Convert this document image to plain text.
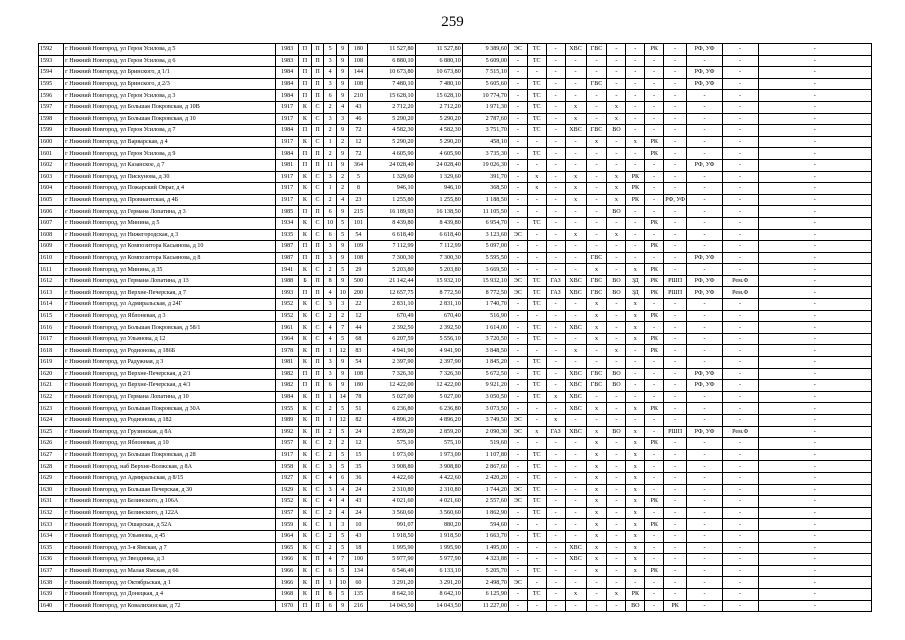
259
1592	г Нижний Новгород, ул Героя Усилова, д 5	1983	П	П	5	9	180	11 527,80	11 527,80	9 389,60	ЭС	ТС	-	ХВС	ГВС	-	-	РК	-	РФ, УФ	-	-
1593	г Нижний Новгород, ул Героя Усилова, д 6	1983	П	П	3	9	108	6 880,10	6 880,10	5 609,00	-	ТС	-	-	-	-	-	-	-	-	-	-
1594	г Нижний Новгород, ул Бринского, д 1/1	1984	П	П	4	9	144	10 673,80	10 673,80	7 515,10	-	-	-	-	-	-	-	-	-	РФ, УФ	-	-
1595	г Нижний Новгород, ул Бринского, д 2/3	1984	П	П	3	9	108	7 480,10	7 480,10	5 605,60	-	ТС	-	-	ГВС	-	-	-	-	РФ, УФ	-	-
1596	г Нижний Новгород, ул Героя Усилова, д 3	1984	П	П	6	9	210	15 628,10	15 628,10	10 774,70	-	ТС	-	-	-	-	-	-	-	-	-	-
1597	г Нижний Новгород, ул Большая Покровская, д 10В	1917	К	С	2	4	43	2 712,20	2 712,20	1 971,30	-	ТС	-	x	-	x	-	-	-	-	-	-
1598	г Нижний Новгород, ул Большая Покровская, д 10	1917	К	С	3	3	46	5 290,20	5 290,20	2 787,60	-	ТС	-	x	-	x	-	-	-	-	-	-
1599	г Нижний Новгород, ул Героя Усилова, д 7	1984	П	П	2	9	72	4 582,30	4 582,30	3 751,70	-	ТС	-	ХВС	ГВС	ВО	-	-	-	-	-	-
1600	г Нижний Новгород, ул Варварская, д 4	1917	К	С	1	2	12	5 290,20	5 290,20	458,10	-	-	-	-	x	-	x	РК	-	-	-	-
1601	г Нижний Новгород, ул Героя Усилова, д 9	1984	П	П	2	9	72	4 605,90	4 605,90	3 735,30	-	ТС	-	-	-	-	-	РК	-	-	-	-
1602	г Нижний Новгород, ул Казанское, д 7	1981	П	П	11	9	364	24 028,40	24 028,40	19 026,30	-	-	-	-	-	-	-	-	-	РФ, УФ	-	-
1603	г Нижний Новгород, ул Пискунова, д 30	1917	К	С	3	2	5	1 329,60	1 329,60	391,70	-	x	-	x	-	x	РК	-	-	-	-	-
1604	г Нижний Новгород, ул Пожарский Овраг, д 4	1917	К	С	1	2	8	946,10	946,10	368,50	-	x	-	x	-	x	РК	-	-	-	-	-
1605	г Нижний Новгород, ул Провиантская, д 4Б	1917	К	С	2	4	23	1 255,80	1 255,80	1 188,50	-	-	-	x	-	x	РК	-	РФ, УФ	-	-	-
1606	г Нижний Новгород, ул Германа Лопатина, д 3	1985	П	П	6	9	215	16 189,93	16 138,50	11 105,50	-	-	-	-	-	ВО	-	-	-	-	-	-
1607	г Нижний Новгород, ул Минина, д 5	1934	К	С	10	5	101	8 439,80	8 439,80	6 954,70	-	ТС	-	-	-	-	-	РК	-	-	-	-
1608	г Нижний Новгород, ул Нижегородская, д 3	1935	К	С	6	5	54	6 618,40	6 618,40	3 123,60	ЭС	-	-	x	-	x	-	-	-	-	-	-
1609	г Нижний Новгород, ул Композитора Касьянова, д 10	1987	П	П	3	9	109	7 112,99	7 112,99	5 097,00	-	-	-	-	-	-	-	РК	-	-	-	-
1610	г Нижний Новгород, ул Композитора Касьянова, д 8	1987	П	П	3	9	108	7 300,30	7 300,30	5 595,50	-	-	-	-	ГВС	-	-	-	-	РФ, УФ	-	-
1611	г Нижний Новгород, ул Минина, д 35	1941	К	С	2	5	29	5 203,80	5 203,80	3 669,50	-	-	-	-	x	-	x	РК	-	-	-	-
1612	г Нижний Новгород, ул Германа Лопатина, д 13	1988	Б	П	8	9	500	21 142,44	15 932,10	15 932,10	ЭС	ТС	ГАЗ	ХВС	ГВС	ВО	ЗД	РК	РШП	РФ, УФ	Рем.Ф	-
1613	г Нижний Новгород, ул Верхне-Печерская, д 7	1993	П	П	4	10	200	12 657,75	8 772,50	8 772,50	ЭС	ТС	ГАЗ	ХВС	ГВС	ВО	ЗД	РК	РШП	РФ, УФ	Рем.Ф	-
1614	г Нижний Новгород, ул Адмиральская, д 24Г	1952	К	С	3	3	22	2 831,10	2 831,10	1 740,70	-	ТС	-	-	x	-	x	-	-	-	-	-
1615	г Нижний Новгород, ул Яблоневая, д 3	1952	К	С	2	2	12	670,49	670,40	516,90	-	-	-	-	x	-	x	РК	-	-	-	-
1616	г Нижний Новгород, ул Большая Покровская, д 58/1	1961	К	С	4	7	44	2 392,50	2 392,50	1 614,00	-	ТС	-	ХВС	x	-	x	-	-	-	-	-
1617	г Нижний Новгород, ул Ульянова, д 12	1964	К	С	4	5	68	6 207,59	5 556,10	3 720,50	-	ТС	-	-	x	-	x	РК	-	-	-	-
1618	г Нижний Новгород, ул Родионова, д 186Б	1978	К	П	1	12	83	4 941,90	4 941,90	3 848,50	-	-	-	x	-	x	-	РК	-	-	-	-
1619	г Нижний Новгород, ул Радужная, д 3	1981	К	П	3	9	54	2 397,90	2 397,90	1 845,20	-	ТС	-	-	-	-	-	-	-	-	-	-
1620	г Нижний Новгород, ул Верхне-Печерская, д 2/1	1982	П	П	3	9	108	7 326,30	7 326,30	5 672,50	-	ТС	-	ХВС	ГВС	ВО	-	-	-	РФ, УФ	-	-
1621	г Нижний Новгород, ул Верхне-Печерская, д 4/1	1982	П	П	6	9	180	12 422,00	12 422,00	9 921,20	-	ТС	-	ХВС	ГВС	ВО	-	-	-	РФ, УФ	-	-
1622	г Нижний Новгород, ул Германа Лопатина, д 10	1984	К	П	1	14	78	5 027,00	5 027,00	3 050,50	-	ТС	x	ХВС	-	-	-	-	-	-	-	-
1623	г Нижний Новгород, ул Большая Покровская, д 30А	1955	К	С	2	5	51	6 236,80	6 236,80	3 073,50	-	-	-	ХВС	x	-	x	РК	-	-	-	-
1624	г Нижний Новгород, ул Родионова, д 182	1989	К	П	1	12	82	4 896,20	4 896,20	3 749,50	ЭС	-	x	-	-	-	-	-	-	-	-	-
1625	г Нижний Новгород, ул Грузинская, д 8А	1992	К	П	2	5	24	2 859,20	2 859,20	2 090,30	ЭС	x	ГАЗ	ХВС	x	ВО	x	-	РШП	РФ, УФ	Рем.Ф	-
1626	г Нижний Новгород, ул Яблоневая, д 10	1957	К	С	2	2	12	575,10	575,10	519,60	-	-	-	-	x	-	x	РК	-	-	-	-
1627	г Нижний Новгород, ул Большая Покровская, д 28	1917	К	С	2	5	15	1 973,00	1 973,00	1 107,80	-	ТС	-	-	x	-	x	-	-	-	-	-
1628	г Нижний Новгород, наб Верхне-Волжская, д 8А	1958	К	С	3	5	35	3 908,80	3 908,80	2 867,60	-	ТС	-	-	x	-	x	-	-	-	-	-
1629	г Нижний Новгород, ул Адмиральская, д 8/15	1927	К	С	4	6	36	4 422,60	4 422,60	2 420,20	-	ТС	-	-	x	-	x	-	-	-	-	-
1630	г Нижний Новгород, ул Большая Печерская, д 30	1929	К	С	3	4	24	2 310,80	2 310,80	1 744,20	ЭС	ТС	-	-	x	-	x	-	-	-	-	-
1631	г Нижний Новгород, ул Белинского, д 106А	1952	К	С	4	4	43	4 021,60	4 021,60	2 557,60	ЭС	ТС	-	-	x	-	x	РК	-	-	-	-
1632	г Нижний Новгород, ул Белинского, д 122А	1957	К	С	2	4	24	3 560,60	3 560,60	1 862,90	-	ТС	-	-	x	-	x	-	-	-	-	-
1633	г Нижний Новгород, ул Ошарская, д 52А	1959	К	С	1	3	10	991,07	880,20	594,60	-	-	-	-	x	-	x	РК	-	-	-	-
1634	г Нижний Новгород, ул Ульянова, д 45	1964	К	С	2	5	43	1 918,50	1 918,50	1 663,70	-	ТС	-	-	x	-	x	-	-	-	-	-
1635	г Нижний Новгород, ул 3-я Ямская, д 7	1965	К	С	2	5	18	1 995,90	1 995,90	1 495,00	-	-	-	ХВС	x	-	x	-	-	-	-	-
1636	г Нижний Новгород, ул Звездинка, д 3	1966	К	П	4	7	100	5 977,90	5 977,90	4 323,88	-	-	-	ХВС	x	-	x	-	-	-	-	-
1637	г Нижний Новгород, ул Малая Ямская, д 66	1966	К	С	6	5	134	6 546,49	6 133,10	5 205,70	-	ТС	-	-	x	-	x	РК	-	-	-	-
1638	г Нижний Новгород, ул Октябрьская, д 1	1966	К	П	1	10	60	3 291,20	3 291,20	2 498,70	ЭС	-	-	-	-	-	-	-	-	-	-	-
1639	г Нижний Новгород, ул Донецкая, д 4	1968	К	П	8	5	135	8 642,10	8 642,10	6 125,90	-	ТС	-	x	-	x	РК	-	-	-	-	-
1640	г Нижний Новгород, ул Ковалихинская, д 72	1970	П	П	6	9	216	14 043,50	14 043,50	11 227,00	-	-	-	-	-	-	ВО	-	РК	-	-	-
